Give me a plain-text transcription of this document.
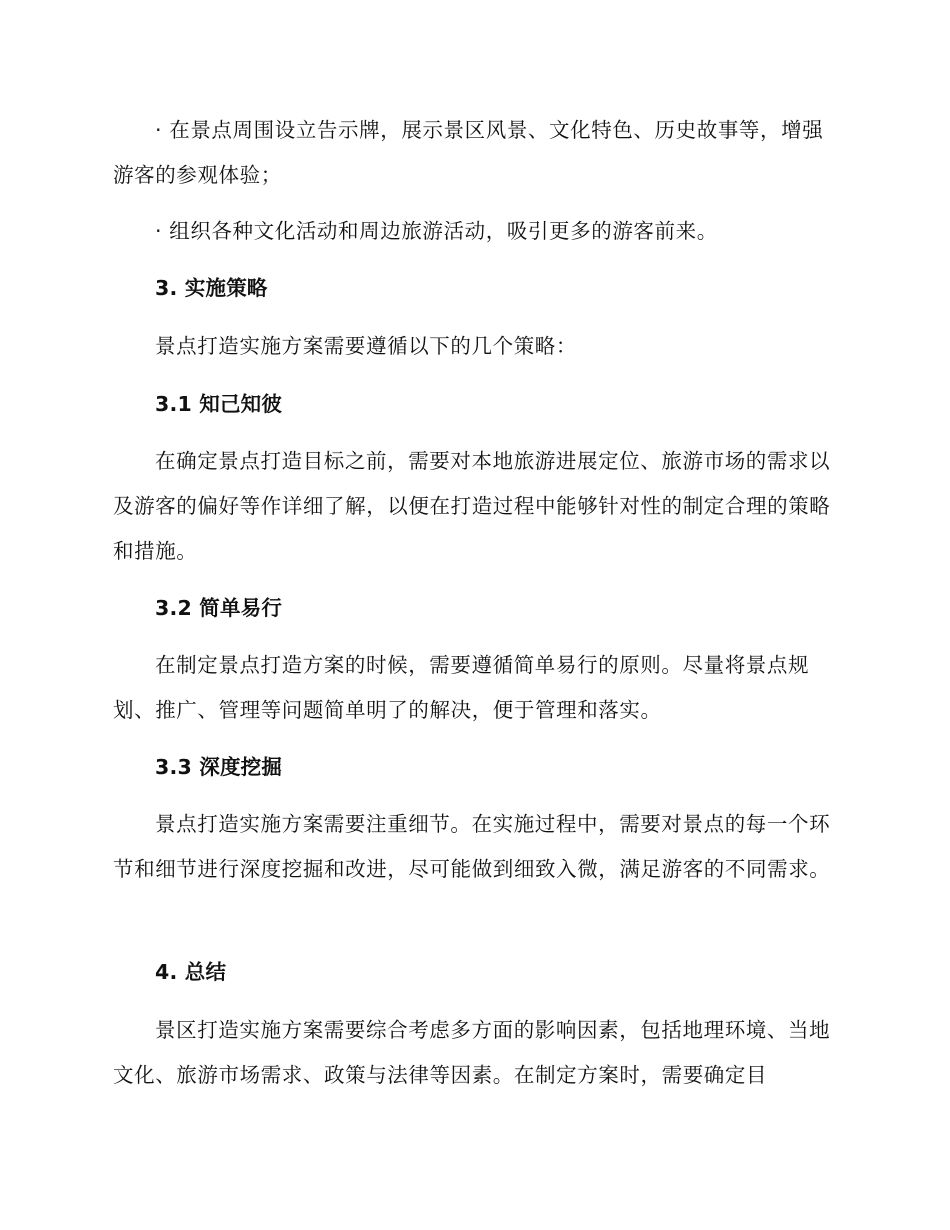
· 在景点周围设立告示牌，展示景区风景、文化特色、历史故事等，增强游客的参观体验；

· 组织各种文化活动和周边旅游活动，吸引更多的游客前来。

3. 实施策略

景点打造实施方案需要遵循以下的几个策略：

3.1 知己知彼

在确定景点打造目标之前，需要对本地旅游进展定位、旅游市场的需求以及游客的偏好等作详细了解，以便在打造过程中能够针对性的制定合理的策略和措施。

3.2 简单易行

在制定景点打造方案的时候，需要遵循简单易行的原则。尽量将景点规划、推广、管理等问题简单明了的解决，便于管理和落实。

3.3 深度挖掘

景点打造实施方案需要注重细节。在实施过程中，需要对景点的每一个环节和细节进行深度挖掘和改进，尽可能做到细致入微，满足游客的不同需求。

4. 总结

景区打造实施方案需要综合考虑多方面的影响因素，包括地理环境、当地文化、旅游市场需求、政策与法律等因素。在制定方案时，需要确定目
